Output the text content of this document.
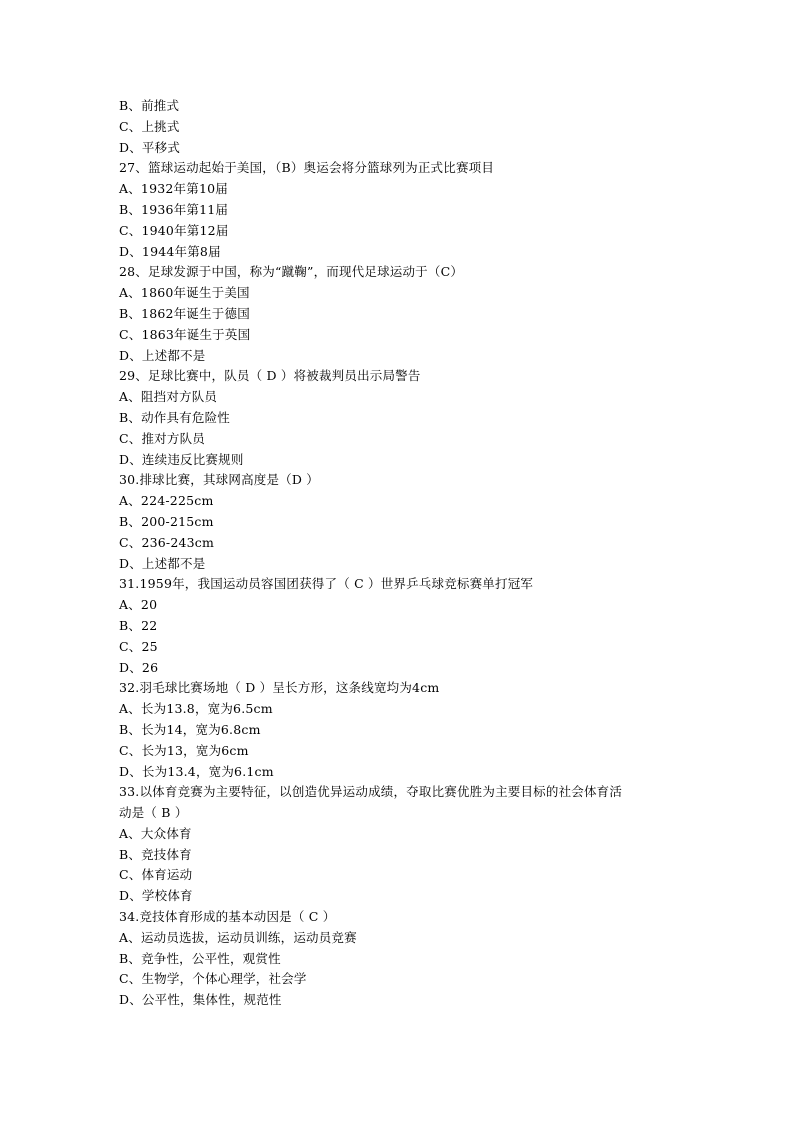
B、前推式
C、上挑式
D、平移式
27、篮球运动起始于美国，（B）奥运会将分篮球列为正式比赛项目
A、1932年第10届
B、1936年第11届
C、1940年第12届
D、1944年第8届
28、足球发源于中国，称为“蹴鞠”，而现代足球运动于（C）
A、1860年诞生于美国
B、1862年诞生于德国
C、1863年诞生于英国
D、上述都不是
29、足球比赛中，队员（ D ）将被裁判员出示局警告
A、阻挡对方队员
B、动作具有危险性
C、推对方队员
D、连续违反比赛规则
30.排球比赛，其球网高度是（D ）
A、224-225cm
B、200-215cm
C、236-243cm
D、上述都不是
31.1959年，我国运动员容国团获得了（ C ）世界乒乓球竞标赛单打冠军
A、20
B、22
C、25
D、26
32.羽毛球比赛场地（ D ）呈长方形，这条线宽均为4cm
A、长为13.8，宽为6.5cm
B、长为14，宽为6.8cm
C、长为13，宽为6cm
D、长为13.4，宽为6.1cm
33.以体育竞赛为主要特征，以创造优异运动成绩，夺取比赛优胜为主要目标的社会体育活
动是（ B ）
A、大众体育
B、竞技体育
C、体育运动
D、学校体育
34.竞技体育形成的基本动因是（ C ）
A、运动员选拔，运动员训练，运动员竞赛
B、竞争性，公平性，观赏性
C、生物学，个体心理学，社会学
D、公平性，集体性，规范性
